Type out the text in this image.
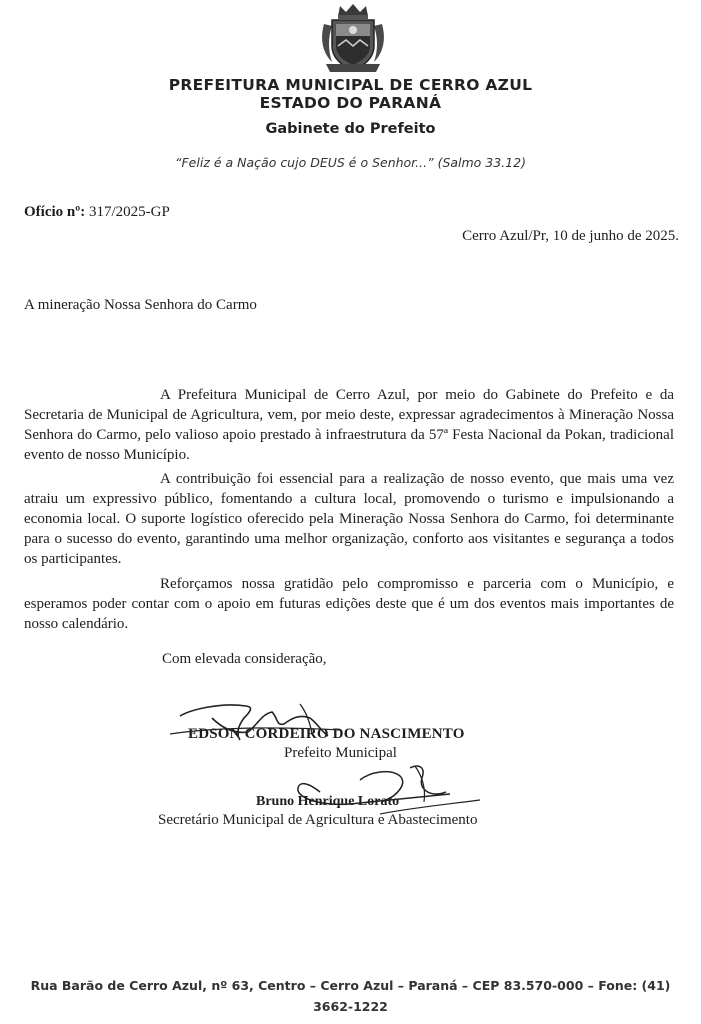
PREFEITURA MUNICIPAL DE CERRO AZUL
ESTADO DO PARANÁ
Gabinete do Prefeito
“Feliz é a Nação cujo DEUS é o Senhor...” (Salmo 33.12)
Ofício nº: 317/2025-GP
Cerro Azul/Pr, 10 de junho de 2025.
A mineração Nossa Senhora do Carmo

A Prefeitura Municipal de Cerro Azul, por meio do Gabinete do Prefeito e da Secretaria de Municipal de Agricultura, vem, por meio deste, expressar agradecimentos à Mineração Nossa Senhora do Carmo, pelo valioso apoio prestado à infraestrutura da 57ª Festa Nacional da Pokan, tradicional evento de nosso Município.

A contribuição foi essencial para a realização de nosso evento, que mais uma vez atraiu um expressivo público, fomentando a cultura local, promovendo o turismo e impulsionando a economia local. O suporte logístico oferecido pela Mineração Nossa Senhora do Carmo, foi determinante para o sucesso do evento, garantindo uma melhor organização, conforto aos visitantes e segurança a todos os participantes.

Reforçamos nossa gratidão pelo compromisso e parceria com o Município, e esperamos poder contar com o apoio em futuras edições deste que é um dos eventos mais importantes de nosso calendário.

Com elevada consideração,
EDSON CORDEIRO DO NASCIMENTO
Prefeito Municipal
Bruno Henrique Lorato
Secretário Municipal de Agricultura e Abastecimento
Rua Barão de Cerro Azul, nº 63, Centro – Cerro Azul – Paraná – CEP 83.570-000 – Fone: (41)
3662-1222
